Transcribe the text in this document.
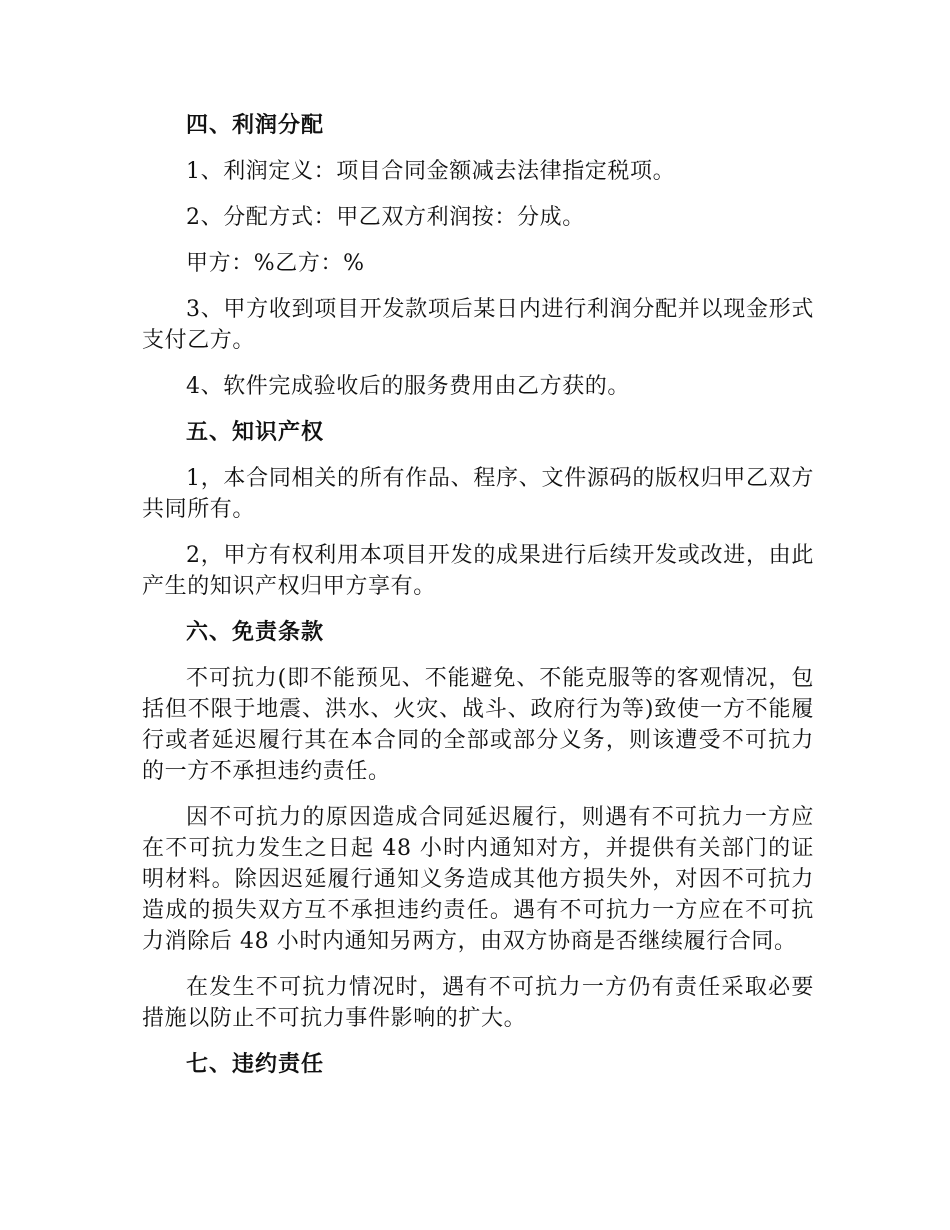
四、利润分配
1、利润定义：项目合同金额减去法律指定税项。
2、分配方式：甲乙双方利润按：分成。
甲方：%乙方：%
3、甲方收到项目开发款项后某日内进行利润分配并以现金形式支付乙方。
4、软件完成验收后的服务费用由乙方获的。
五、知识产权
1，本合同相关的所有作品、程序、文件源码的版权归甲乙双方共同所有。
2，甲方有权利用本项目开发的成果进行后续开发或改进，由此产生的知识产权归甲方享有。
六、免责条款
不可抗力(即不能预见、不能避免、不能克服等的客观情况，包括但不限于地震、洪水、火灾、战斗、政府行为等)致使一方不能履行或者延迟履行其在本合同的全部或部分义务，则该遭受不可抗力的一方不承担违约责任。
因不可抗力的原因造成合同延迟履行，则遇有不可抗力一方应在不可抗力发生之日起 48 小时内通知对方，并提供有关部门的证明材料。除因迟延履行通知义务造成其他方损失外，对因不可抗力造成的损失双方互不承担违约责任。遇有不可抗力一方应在不可抗力消除后 48 小时内通知另两方，由双方协商是否继续履行合同。
在发生不可抗力情况时，遇有不可抗力一方仍有责任采取必要措施以防止不可抗力事件影响的扩大。
七、违约责任
